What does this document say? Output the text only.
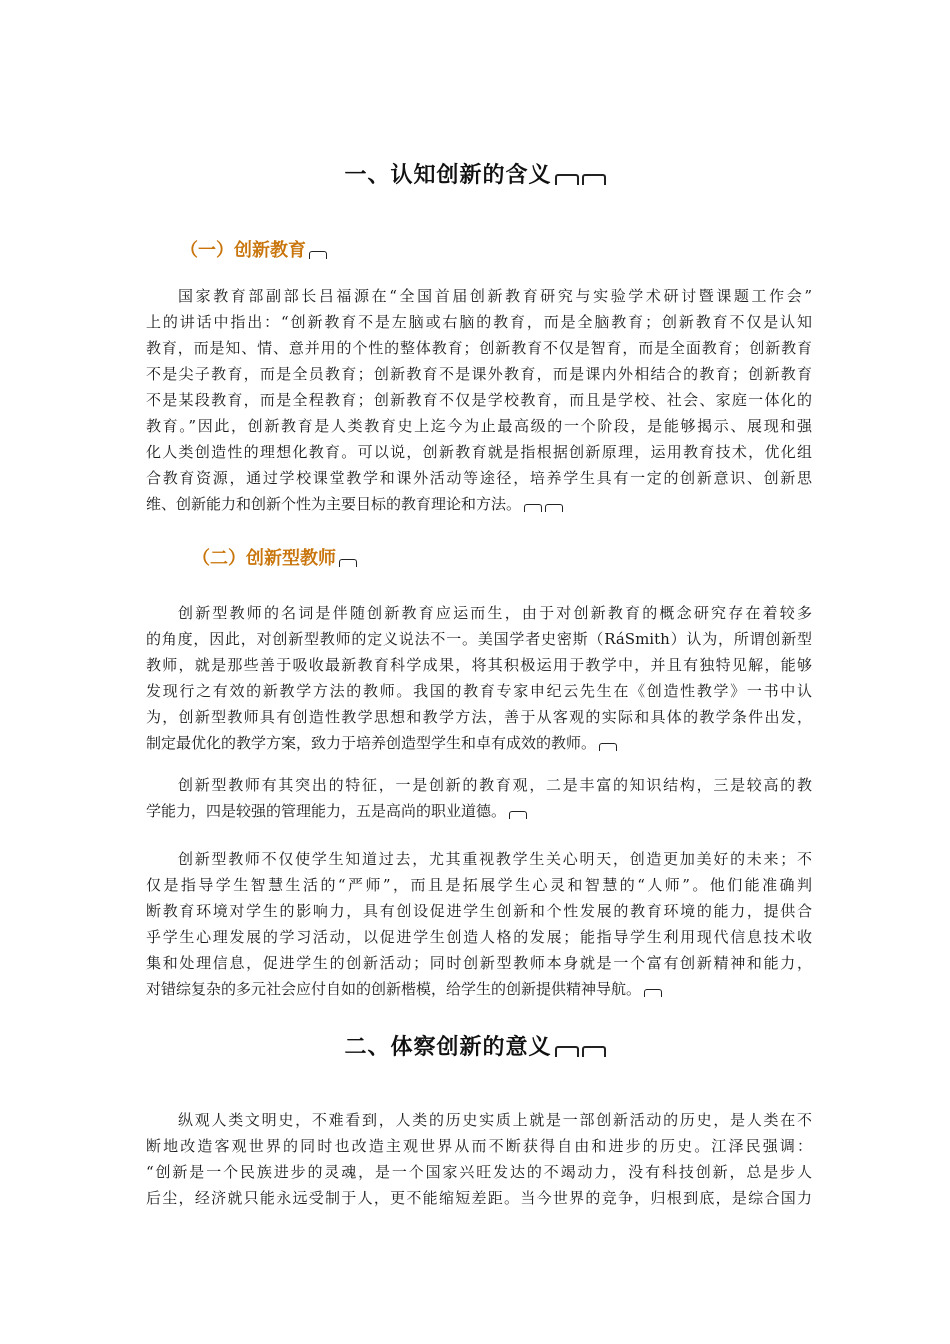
一、认知创新的含义
（一）创新教育
国家教育部副部长吕福源在“全国首届创新教育研究与实验学术研讨暨课题工作会”
上的讲话中指出：“创新教育不是左脑或右脑的教育，而是全脑教育；创新教育不仅是认知
教育，而是知、情、意并用的个性的整体教育；创新教育不仅是智育，而是全面教育；创新教育
不是尖子教育，而是全员教育；创新教育不是课外教育，而是课内外相结合的教育；创新教育
不是某段教育，而是全程教育；创新教育不仅是学校教育，而且是学校、社会、家庭一体化的
教育。”因此，创新教育是人类教育史上迄今为止最高级的一个阶段，是能够揭示、展现和强
化人类创造性的理想化教育。可以说，创新教育就是指根据创新原理，运用教育技术，优化组
合教育资源，通过学校课堂教学和课外活动等途径，培养学生具有一定的创新意识、创新思
维、创新能力和创新个性为主要目标的教育理论和方法。
（二）创新型教师
创新型教师的名词是伴随创新教育应运而生，由于对创新教育的概念研究存在着较多
的角度，因此，对创新型教师的定义说法不一。美国学者史密斯（RáSmith）认为，所谓创新型
教师，就是那些善于吸收最新教育科学成果，将其积极运用于教学中，并且有独特见解，能够
发现行之有效的新教学方法的教师。我国的教育专家申纪云先生在《创造性教学》一书中认
为，创新型教师具有创造性教学思想和教学方法，善于从客观的实际和具体的教学条件出发，
制定最优化的教学方案，致力于培养创造型学生和卓有成效的教师。
创新型教师有其突出的特征，一是创新的教育观，二是丰富的知识结构，三是较高的教
学能力，四是较强的管理能力，五是高尚的职业道德。
创新型教师不仅使学生知道过去，尤其重视教学生关心明天，创造更加美好的未来；不
仅是指导学生智慧生活的“严师”，而且是拓展学生心灵和智慧的“人师”。他们能准确判
断教育环境对学生的影响力，具有创设促进学生创新和个性发展的教育环境的能力，提供合
乎学生心理发展的学习活动，以促进学生创造人格的发展；能指导学生利用现代信息技术收
集和处理信息，促进学生的创新活动；同时创新型教师本身就是一个富有创新精神和能力，
对错综复杂的多元社会应付自如的创新楷模，给学生的创新提供精神导航。
二、体察创新的意义
纵观人类文明史，不难看到，人类的历史实质上就是一部创新活动的历史，是人类在不
断地改造客观世界的同时也改造主观世界从而不断获得自由和进步的历史。江泽民强调：
“创新是一个民族进步的灵魂，是一个国家兴旺发达的不竭动力，没有科技创新，总是步人
后尘，经济就只能永远受制于人，更不能缩短差距。当今世界的竞争，归根到底，是综合国力
